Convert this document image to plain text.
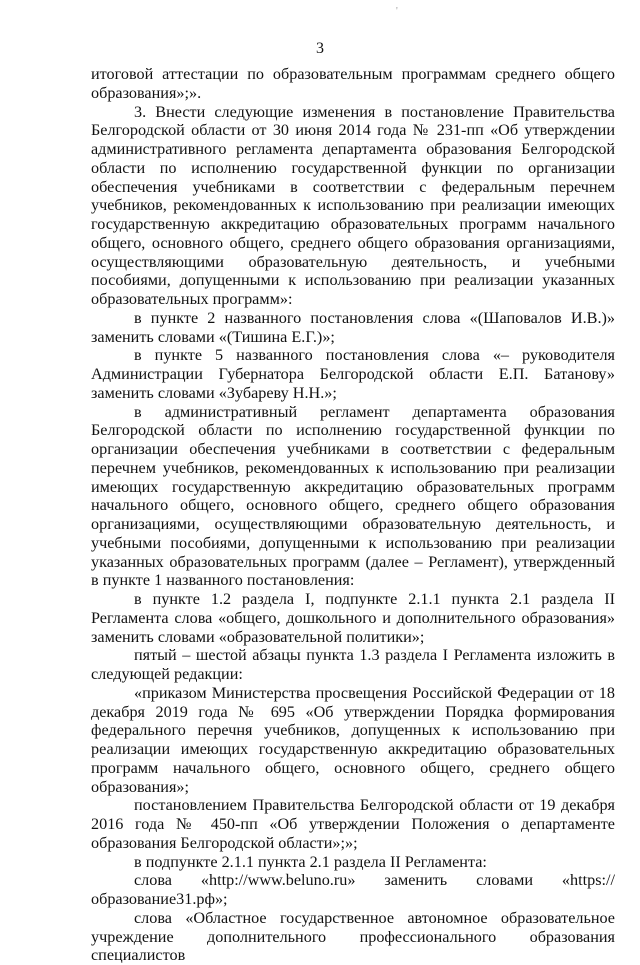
'
3

итоговой аттестации по образовательным программам среднего общего образования»;».

3. Внести следующие изменения в постановление Правительства Белгородской области от 30 июня 2014 года № 231-пп «Об утверждении административного регламента департамента образования Белгородской области по исполнению государственной функции по организации обеспечения учебниками в соответствии с федеральным перечнем учебников, рекомендованных к использованию при реализации имеющих государственную аккредитацию образовательных программ начального общего, основного общего, среднего общего образования организациями, осуществляющими образовательную деятельность, и учебными пособиями, допущенными к использованию при реализации указанных образовательных программ»:

в пункте 2 названного постановления слова «(Шаповалов И.В.)» заменить словами «(Тишина Е.Г.)»;

в пункте 5 названного постановления слова «– руководителя Администрации Губернатора Белгородской области Е.П. Батанову» заменить словами «Зубареву Н.Н.»;

в административный регламент департамента образования Белгородской области по исполнению государственной функции по организации обеспечения учебниками в соответствии с федеральным перечнем учебников, рекомендованных к использованию при реализации имеющих государственную аккредитацию образовательных программ начального общего, основного общего, среднего общего образования организациями, осуществляющими образовательную деятельность, и учебными пособиями, допущенными к использованию при реализации указанных образовательных программ (далее – Регламент), утвержденный в пункте 1 названного постановления:

в пункте 1.2 раздела I, подпункте 2.1.1 пункта 2.1 раздела II Регламента слова «общего, дошкольного и дополнительного образования» заменить словами «образовательной политики»;

пятый – шестой абзацы пункта 1.3 раздела I Регламента изложить в следующей редакции:

«приказом Министерства просвещения Российской Федерации от 18 декабря 2019 года № 695 «Об утверждении Порядка формирования федерального перечня учебников, допущенных к использованию при реализации имеющих государственную аккредитацию образовательных программ начального общего, основного общего, среднего общего образования»;

постановлением Правительства Белгородской области от 19 декабря 2016 года № 450-пп «Об утверждении Положения о департаменте образования Белгородской области»;»;

в подпункте 2.1.1 пункта 2.1 раздела II Регламента:

слова «http://www.beluno.ru» заменить словами «https://образование31.рф»;

слова «Областное государственное автономное образовательное учреждение дополнительного профессионального образования специалистов
